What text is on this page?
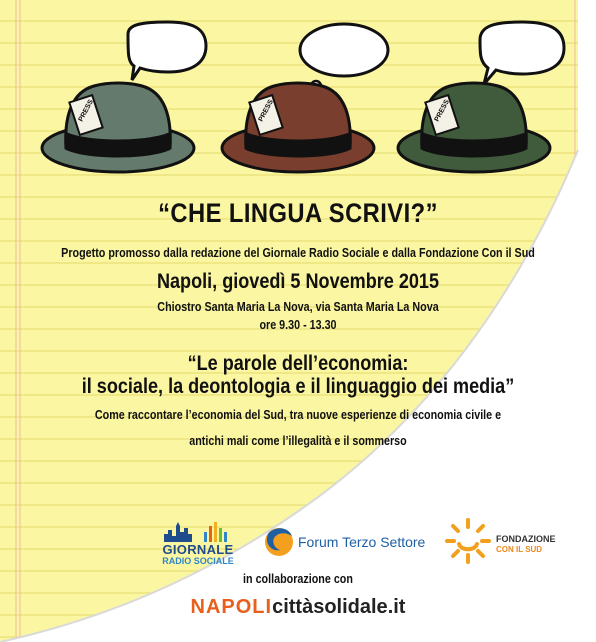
PRESS	PRESS	PRESS
“CHE LINGUA SCRIVI?”
Progetto promosso dalla redazione del Giornale Radio Sociale e dalla Fondazione Con il Sud
Napoli, giovedì 5 Novembre 2015
Chiostro Santa Maria La Nova, via Santa Maria La Nova
ore 9.30 - 13.30
“Le parole dell’economia:
il sociale, la deontologia e il linguaggio dei media”
Come raccontare l’economia del Sud, tra nuove esperienze di economia civile e
antichi mali come l’illegalità e il sommerso
GIORNALE
RADIO SOCIALE
Forum Terzo Settore	FONDAZIONE
CON IL SUD
in collaborazione con
NAPOLIcittàsolidale.it
